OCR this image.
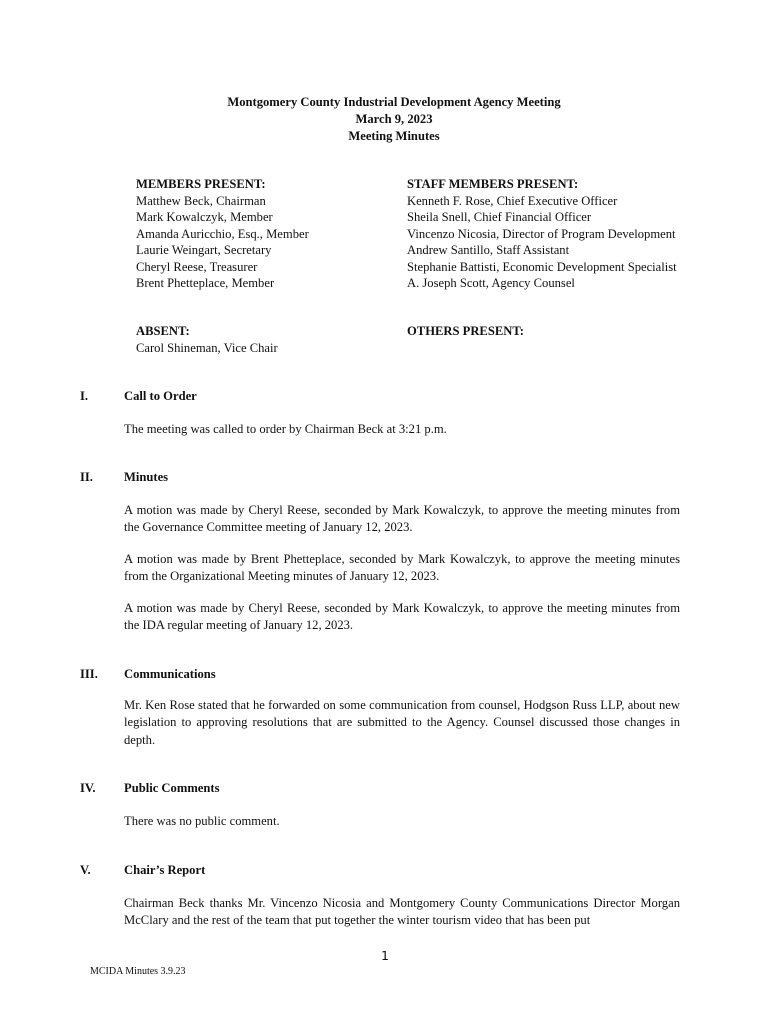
Montgomery County Industrial Development Agency Meeting
March 9, 2023
Meeting Minutes
MEMBERS PRESENT:
Matthew Beck, Chairman
Mark Kowalczyk, Member
Amanda Auricchio, Esq., Member
Laurie Weingart, Secretary
Cheryl Reese, Treasurer
Brent Phetteplace, Member
STAFF MEMBERS PRESENT:
Kenneth F. Rose, Chief Executive Officer
Sheila Snell, Chief Financial Officer
Vincenzo Nicosia, Director of Program Development
Andrew Santillo, Staff Assistant
Stephanie Battisti, Economic Development Specialist
A. Joseph Scott, Agency Counsel
ABSENT:
Carol Shineman, Vice Chair
OTHERS PRESENT:
I.	Call to Order
The meeting was called to order by Chairman Beck at 3:21 p.m.
II.	Minutes
A motion was made by Cheryl Reese, seconded by Mark Kowalczyk, to approve the meeting minutes from the Governance Committee meeting of January 12, 2023.
A motion was made by Brent Phetteplace, seconded by Mark Kowalczyk, to approve the meeting minutes from the Organizational Meeting minutes of January 12, 2023.
A motion was made by Cheryl Reese, seconded by Mark Kowalczyk, to approve the meeting minutes from the IDA regular meeting of January 12, 2023.
III.	Communications
Mr. Ken Rose stated that he forwarded on some communication from counsel, Hodgson Russ LLP, about new legislation to approving resolutions that are submitted to the Agency. Counsel discussed those changes in depth.
IV.	Public Comments
There was no public comment.
V.	Chair’s Report
Chairman Beck thanks Mr. Vincenzo Nicosia and Montgomery County Communications Director Morgan McClary and the rest of the team that put together the winter tourism video that has been put
1
MCIDA Minutes 3.9.23
